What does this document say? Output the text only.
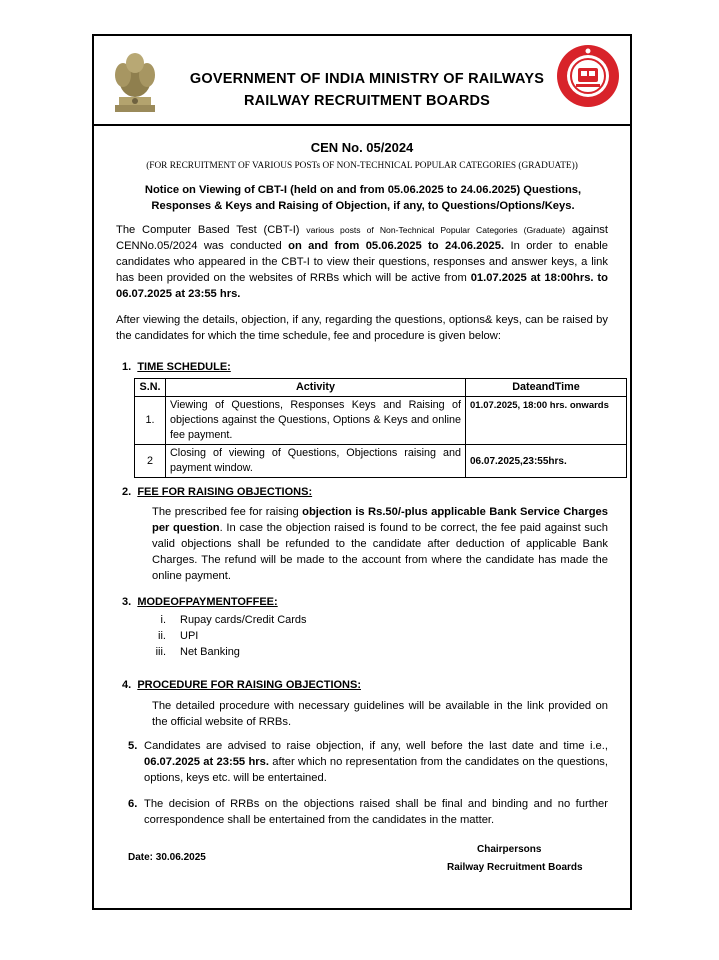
GOVERNMENT OF INDIA MINISTRY OF RAILWAYS
RAILWAY RECRUITMENT BOARDS
CEN No. 05/2024
(FOR RECRUITMENT OF VARIOUS POSTs OF NON-TECHNICAL POPULAR CATEGORIES (GRADUATE))
Notice on Viewing of CBT-I (held on and from 05.06.2025 to 24.06.2025) Questions, Responses & Keys and Raising of Objection, if any, to Questions/Options/Keys.
The Computer Based Test (CBT-I) various posts of Non-Technical Popular Categories (Graduate) against CENNo.05/2024 was conducted on and from 05.06.2025 to 24.06.2025. In order to enable candidates who appeared in the CBT-I to view their questions, responses and answer keys, a link has been provided on the websites of RRBs which will be active from 01.07.2025 at 18:00hrs. to 06.07.2025 at 23:55 hrs.
After viewing the details, objection, if any, regarding the questions, options& keys, can be raised by the candidates for which the time schedule, fee and procedure is given below:
1. TIME SCHEDULE:
S.N.	Activity	DateandTime
1.	Viewing of Questions, Responses Keys and Raising of objections against the Questions, Options & Keys and online fee payment.	01.07.2025, 18:00 hrs. onwards
2	Closing of viewing of Questions, Objections raising and payment window.	06.07.2025,23:55hrs.
2. FEE FOR RAISING OBJECTIONS:
The prescribed fee for raising objection is Rs.50/-plus applicable Bank Service Charges per question. In case the objection raised is found to be correct, the fee paid against such valid objections shall be refunded to the candidate after deduction of applicable Bank Charges. The refund will be made to the account from where the candidate has made the online payment.
3. MODEOFPAYMENTOFFEE:
i. Rupay cards/Credit Cards
ii. UPI
iii. Net Banking
4. PROCEDURE FOR RAISING OBJECTIONS:
The detailed procedure with necessary guidelines will be available in the link provided on the official website of RRBs.
5. Candidates are advised to raise objection, if any, well before the last date and time i.e., 06.07.2025 at 23:55 hrs. after which no representation from the candidates on the questions, options, keys etc. will be entertained.
6. The decision of RRBs on the objections raised shall be final and binding and no further correspondence shall be entertained from the candidates in the matter.
Chairpersons
Date: 30.06.2025
Railway Recruitment Boards
